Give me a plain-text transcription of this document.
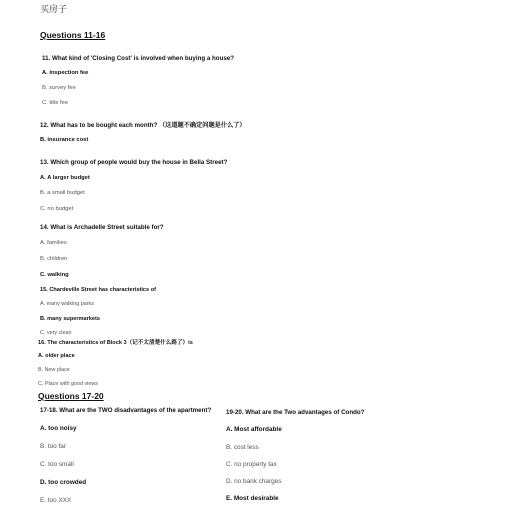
买房子
Questions 11-16
11. What kind of 'Closing Cost' is involved when buying a house?
A. inspection fee
B. survey fee
C. title fee
12. What has to be bought each month? （这道题不确定问题是什么了）
B. insurance cost
13. Which group of people would buy the house in Bella Street?
A. A larger budget
B. a small budget
C. no budget
14. What is Archadelle Street suitable for?
A. families
B. children
C. walking
15. Chardeville Street has characteristics of
A. many walking parks
B. many supermarkets
C. very clean
16. The characteristics of Block 3（记不太清楚什么路了）is
A. older place
B. New place
C. Place with good views
Questions 17-20
17-18. What are the TWO disadvantages of the apartment?
A. too noisy
B. too far
C. too small
D. too crowded
E. too XXX
19-20. What are the Two advantages of Condo?
A. Most affordable
B. cost less
C. no property tax
D. no bank charges
E. Most desirable
